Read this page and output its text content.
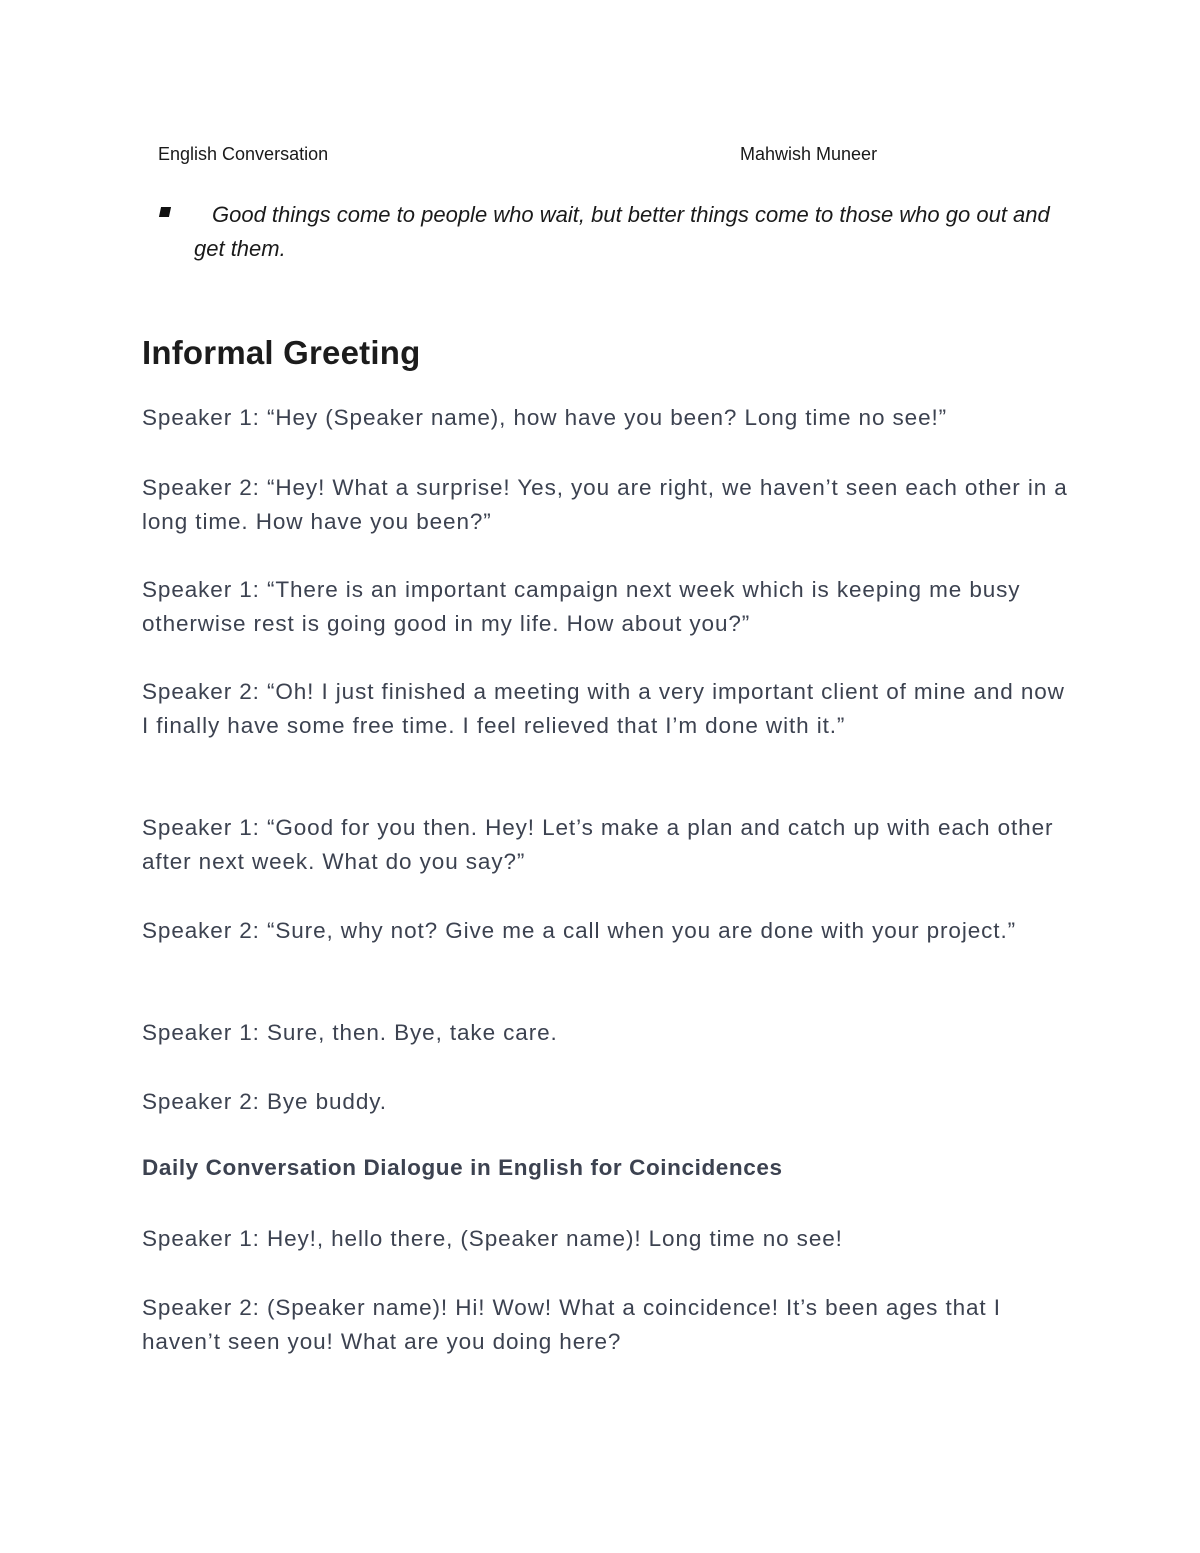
English Conversation	Mahwish Muneer
Good things come to people who wait, but better things come to those who go out and get them.
Informal Greeting

Speaker 1: “Hey (Speaker name), how have you been? Long time no see!”

Speaker 2: “Hey! What a surprise! Yes, you are right, we haven’t seen each other in a long time. How have you been?”

Speaker 1: “There is an important campaign next week which is keeping me busy otherwise rest is going good in my life. How about you?”

Speaker 2: “Oh! I just finished a meeting with a very important client of mine and now I finally have some free time. I feel relieved that I’m done with it.”

Speaker 1: “Good for you then. Hey! Let’s make a plan and catch up with each other after next week. What do you say?”

Speaker 2: “Sure, why not? Give me a call when you are done with your project.”

Speaker 1: Sure, then. Bye, take care.

Speaker 2: Bye buddy.

Daily Conversation Dialogue in English for Coincidences

Speaker 1: Hey!, hello there, (Speaker name)! Long time no see!

Speaker 2: (Speaker name)! Hi! Wow! What a coincidence! It’s been ages that I haven’t seen you! What are you doing here?
